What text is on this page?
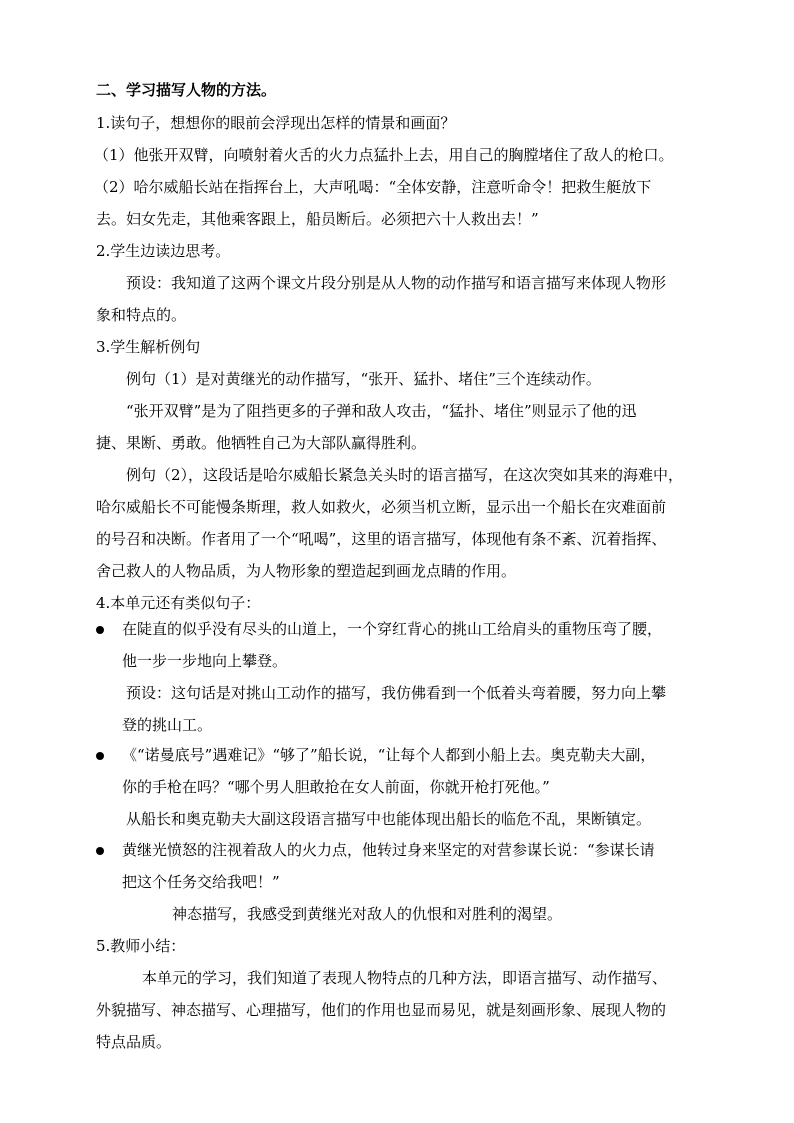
二、学习描写人物的方法。
1.读句子，想想你的眼前会浮现出怎样的情景和画面？
（1）他张开双臂，向喷射着火舌的火力点猛扑上去，用自己的胸膛堵住了敌人的枪口。
（2）哈尔威船长站在指挥台上，大声吼喝：“全体安静，注意听命令！把救生艇放下
去。妇女先走，其他乘客跟上，船员断后。必须把六十人救出去！”
2.学生边读边思考。
预设：我知道了这两个课文片段分别是从人物的动作描写和语言描写来体现人物形
象和特点的。
3.学生解析例句
例句（1）是对黄继光的动作描写，“张开、猛扑、堵住”三个连续动作。
“张开双臂”是为了阻挡更多的子弹和敌人攻击，“猛扑、堵住”则显示了他的迅
捷、果断、勇敢。他牺牲自己为大部队赢得胜利。
例句（2），这段话是哈尔威船长紧急关头时的语言描写，在这次突如其来的海难中，
哈尔威船长不可能慢条斯理，救人如救火，必须当机立断，显示出一个船长在灾难面前
的号召和决断。作者用了一个“吼喝”，这里的语言描写，体现他有条不紊、沉着指挥、
舍己救人的人物品质，为人物形象的塑造起到画龙点睛的作用。
4.本单元还有类似句子：
在陡直的似乎没有尽头的山道上，一个穿红背心的挑山工给肩头的重物压弯了腰，
他一步一步地向上攀登。
预设：这句话是对挑山工动作的描写，我仿佛看到一个低着头弯着腰，努力向上攀
登的挑山工。
《“诺曼底号”遇难记》“够了”船长说，“让每个人都到小船上去。奥克勒夫大副，
你的手枪在吗？“哪个男人胆敢抢在女人前面，你就开枪打死他。”
从船长和奥克勒夫大副这段语言描写中也能体现出船长的临危不乱，果断镇定。
黄继光愤怒的注视着敌人的火力点，他转过身来坚定的对营参谋长说：“参谋长请
把这个任务交给我吧！”
神态描写，我感受到黄继光对敌人的仇恨和对胜利的渴望。
5.教师小结：
本单元的学习，我们知道了表现人物特点的几种方法，即语言描写、动作描写、
外貌描写、神态描写、心理描写，他们的作用也显而易见，就是刻画形象、展现人物的
特点品质。
